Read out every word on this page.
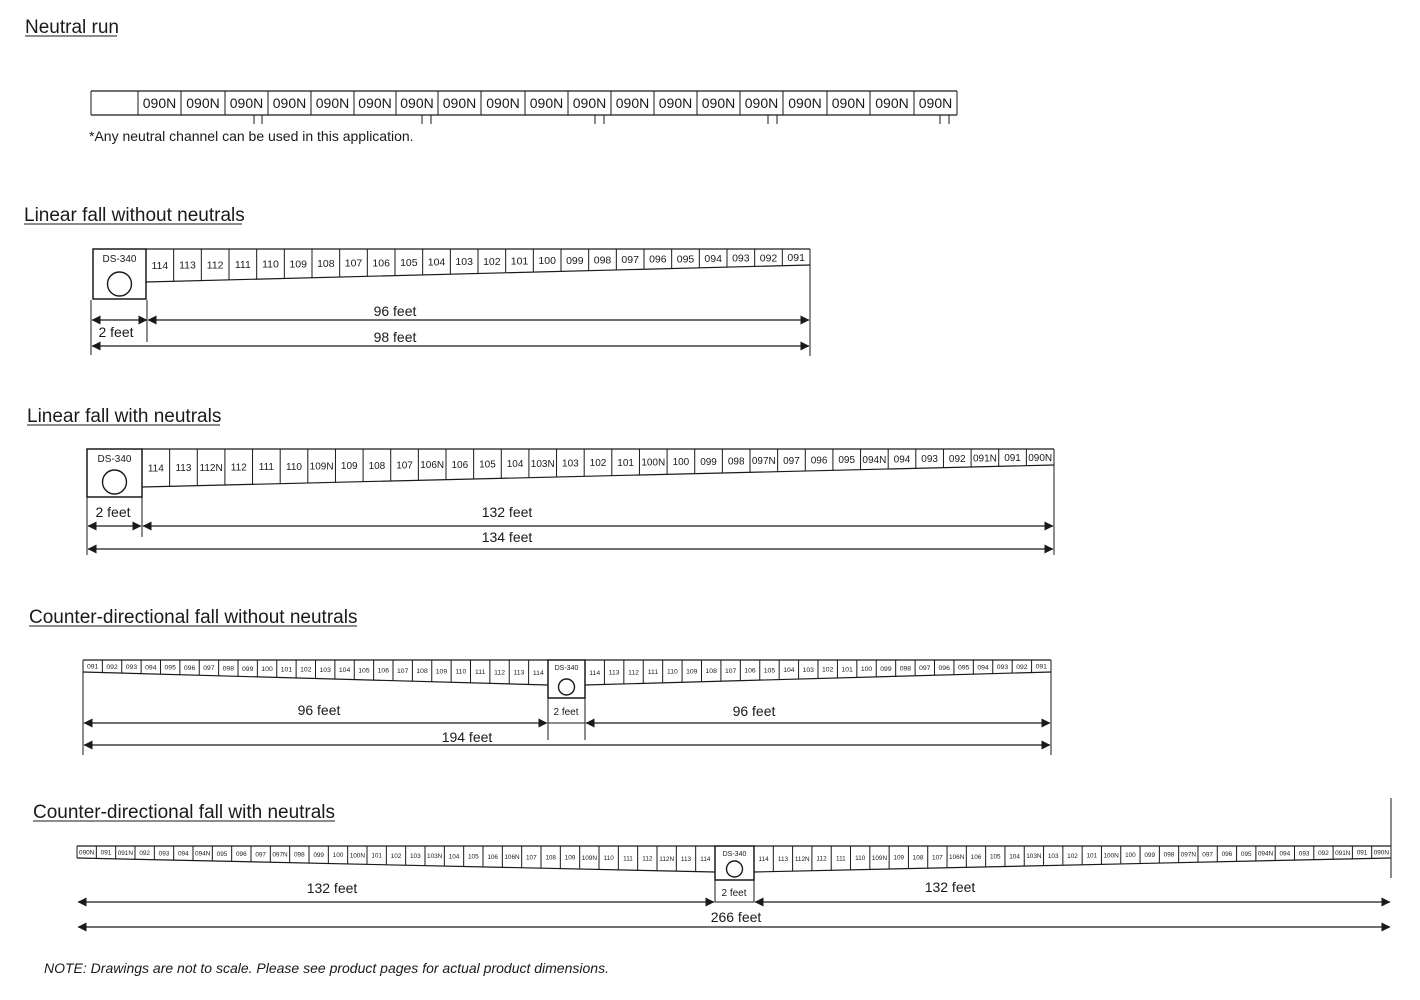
Neutral run
Linear fall without neutrals
Linear fall with neutrals
Counter-directional fall without neutrals
Counter-directional fall with neutrals
*Any neutral channel can be used in this application.
2 feet
96 feet
98 feet
2 feet	132 feet
134 feet
96 feet	2 feet	96 feet
194 feet
132 feet	2 feet	132 feet
266 feet
NOTE: Drawings are not to scale. Please see product pages for actual product dimensions.
090N 090N 090N 090N 090N 090N 090N 090N 090N 090N 090N 090N 090N 090N 090N 090N 090N 090N 090N
DS-340
114 113 112 111 110 109 108 107 106 105 104 103 102 101 100 099 098 097 096 095 094 093 092 091
DS-340
114 113 112N 112 111 110 109N 109 108 107 106N 106 105 104 103N 103 102 101 100N 100 099 098 097N 097 096 095 094N 094 093 092 091N 091 090N
091 092 093 094 095 096 097 098 099 100 101 102 103 104 105 106 107 108 109 110 111 112 113 114	114 113 112 111 110 109 108 107 106 105 104 103 102 101 100 099 098 097 096 095 094 093 092 091
DS-340
090N 091 091N 092 093 094 094N 095 096 097 097N 098 099 100 100N 101 102 103 103N 104 105 106 106N 107 108 109 109N 110 111 112 112N 113 114	114 113 112N 112 111 110 109N 109 108 107 106N 106 105 104 103N 103 102 101 100N 100 099 098 097N 097 096 095 094N 094 093 092 091N 091 090N
DS-340
